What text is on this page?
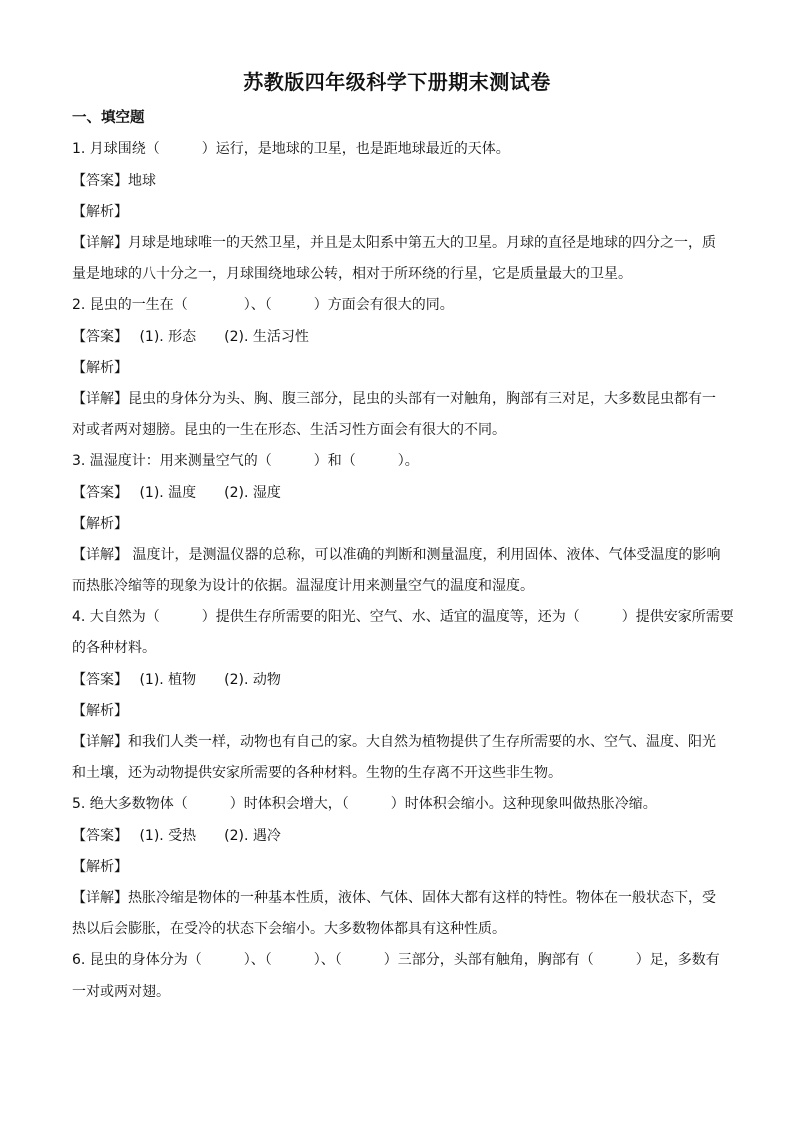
苏教版四年级科学下册期末测试卷
一、填空题
1. 月球围绕（　　　）运行，是地球的卫星，也是距地球最近的天体。
【答案】地球
【解析】
【详解】月球是地球唯一的天然卫星，并且是太阳系中第五大的卫星。月球的直径是地球的四分之一，质
量是地球的八十分之一，月球围绕地球公转，相对于所环绕的行星，它是质量最大的卫星。
2. 昆虫的一生在（　　　　）、（　　　）方面会有很大的同。
【答案】　 (1). 形态　　(2). 生活习性
【解析】
【详解】昆虫的身体分为头、胸、腹三部分，昆虫的头部有一对触角，胸部有三对足，大多数昆虫都有一
对或者两对翅膀。昆虫的一生在形态、生活习性方面会有很大的不同。
3. 温湿度计：用来测量空气的（　　　）和（　　　）。
【答案】　 (1). 温度　　(2). 湿度
【解析】
【详解】 温度计，是测温仪器的总称，可以准确的判断和测量温度，利用固体、液体、气体受温度的影响
而热胀冷缩等的现象为设计的依据。温湿度计用来测量空气的温度和湿度。
4. 大自然为（　　　）提供生存所需要的阳光、空气、水、适宜的温度等，还为（　　　）提供安家所需要
的各种材料。
【答案】　 (1). 植物　　(2). 动物
【解析】
【详解】和我们人类一样，动物也有自己的家。大自然为植物提供了生存所需要的水、空气、温度、阳光
和土壤，还为动物提供安家所需要的各种材料。生物的生存离不开这些非生物。
5. 绝大多数物体（　　　）时体积会增大，（　　　）时体积会缩小。这种现象叫做热胀冷缩。
【答案】　 (1). 受热　　(2). 遇冷
【解析】
【详解】热胀冷缩是物体的一种基本性质，液体、气体、固体大都有这样的特性。物体在一般状态下，受
热以后会膨胀，在受冷的状态下会缩小。大多数物体都具有这种性质。
6. 昆虫的身体分为（　　　）、（　　　）、（　　　）三部分，头部有触角，胸部有（　　　）足，多数有
一对或两对翅。
